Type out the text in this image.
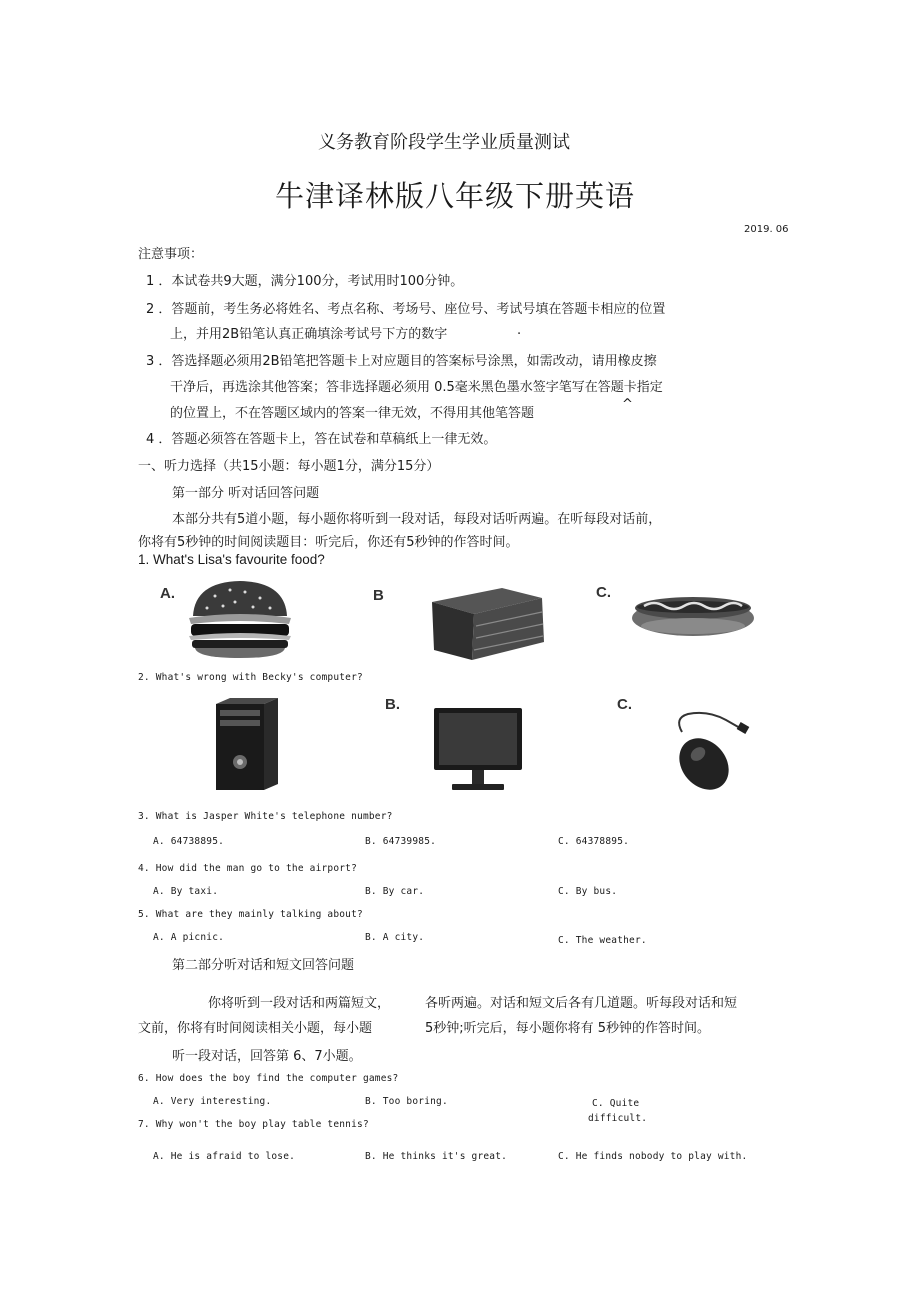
义务教育阶段学生学业质量测试
牛津译林版八年级下册英语
2019. 06
注意事项：
1 ．本试卷共9大题，满分100分，考试用时100分钟。
2 ．答题前，考生务必将姓名、考点名称、考场号、座位号、考试号填在答题卡相应的位置
上，并用2B铅笔认真正确填涂考试号下方的数字	.
3 ．答选择题必须用2B铅笔把答题卡上对应题目的答案标号涂黑，如需改动，请用橡皮擦
干净后，再选涂其他答案；答非选择题必须用 0.5毫米黑色墨水签字笔写在答题卡指定
的位置上，不在答题区域内的答案一律无效，不得用其他笔答题
^
4 ．答题必须答在答题卡上，答在试卷和草稿纸上一律无效。
一、听力选择（共15小题：每小题1分，满分15分）
第一部分 听对话回答问题
本部分共有5道小题，每小题你将听到一段对话，每段对话听两遍。在听每段对话前，
你将有5秒钟的时间阅读题目：听完后，你还有5秒钟的作答时间。
1. What's Lisa's favourite food?
A.	B	C.
2. What's wrong with Becky's computer?
B.	C.
3. What is Jasper White's telephone number?
A. 64738895.	B. 64739985.	C. 64378895.
4. How did the man go to the airport?
A. By taxi.	B. By car.	C. By bus.
5. What are they mainly talking about?
A. A picnic.	B. A city.	C. The weather.
第二部分听对话和短文回答问题
你将听到一段对话和两篇短文，	各听两遍。对话和短文后各有几道题。听每段对话和短
文前，你将有时间阅读相关小题，每小题	5秒钟;听完后，每小题你将有 5秒钟的作答时间。
听一段对话，回答第 6、7小题。
6. How does the boy find the computer games?
A. Very interesting.	B. Too boring.	C. Quite
difficult.
7. Why won't the boy play table tennis?
A. He is afraid to lose.	B. He thinks it's great.	C. He finds nobody to play with.
